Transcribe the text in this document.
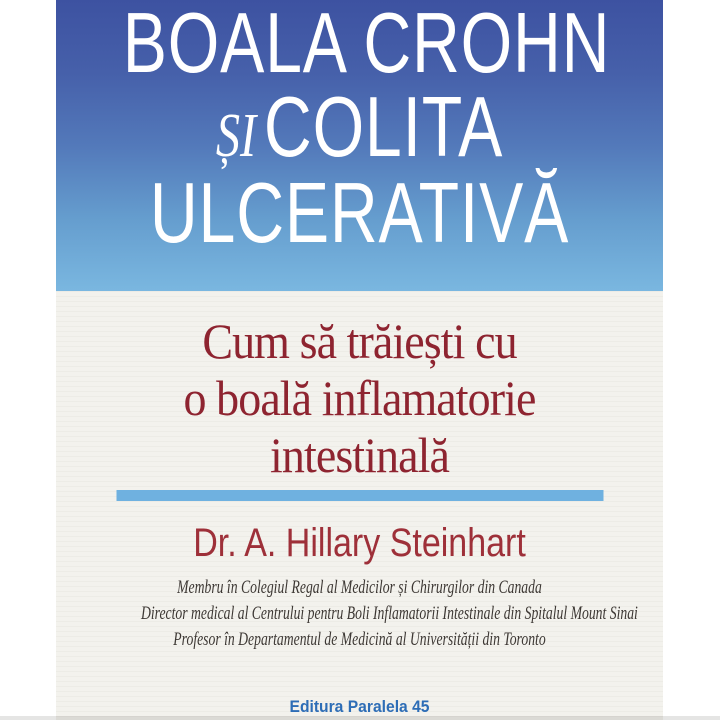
BOALA CROHN
ȘICOLITA
ULCERATIVĂ
Cum să trăiești cu
o boală inflamatorie
intestinală
Dr. A. Hillary Steinhart
Membru în Colegiul Regal al Medicilor și Chirurgilor din Canada
Director medical al Centrului pentru Boli Inflamatorii Intestinale din Spitalul Mount Sinai
Profesor în Departamentul de Medicină al Universității din Toronto
Editura Paralela 45
